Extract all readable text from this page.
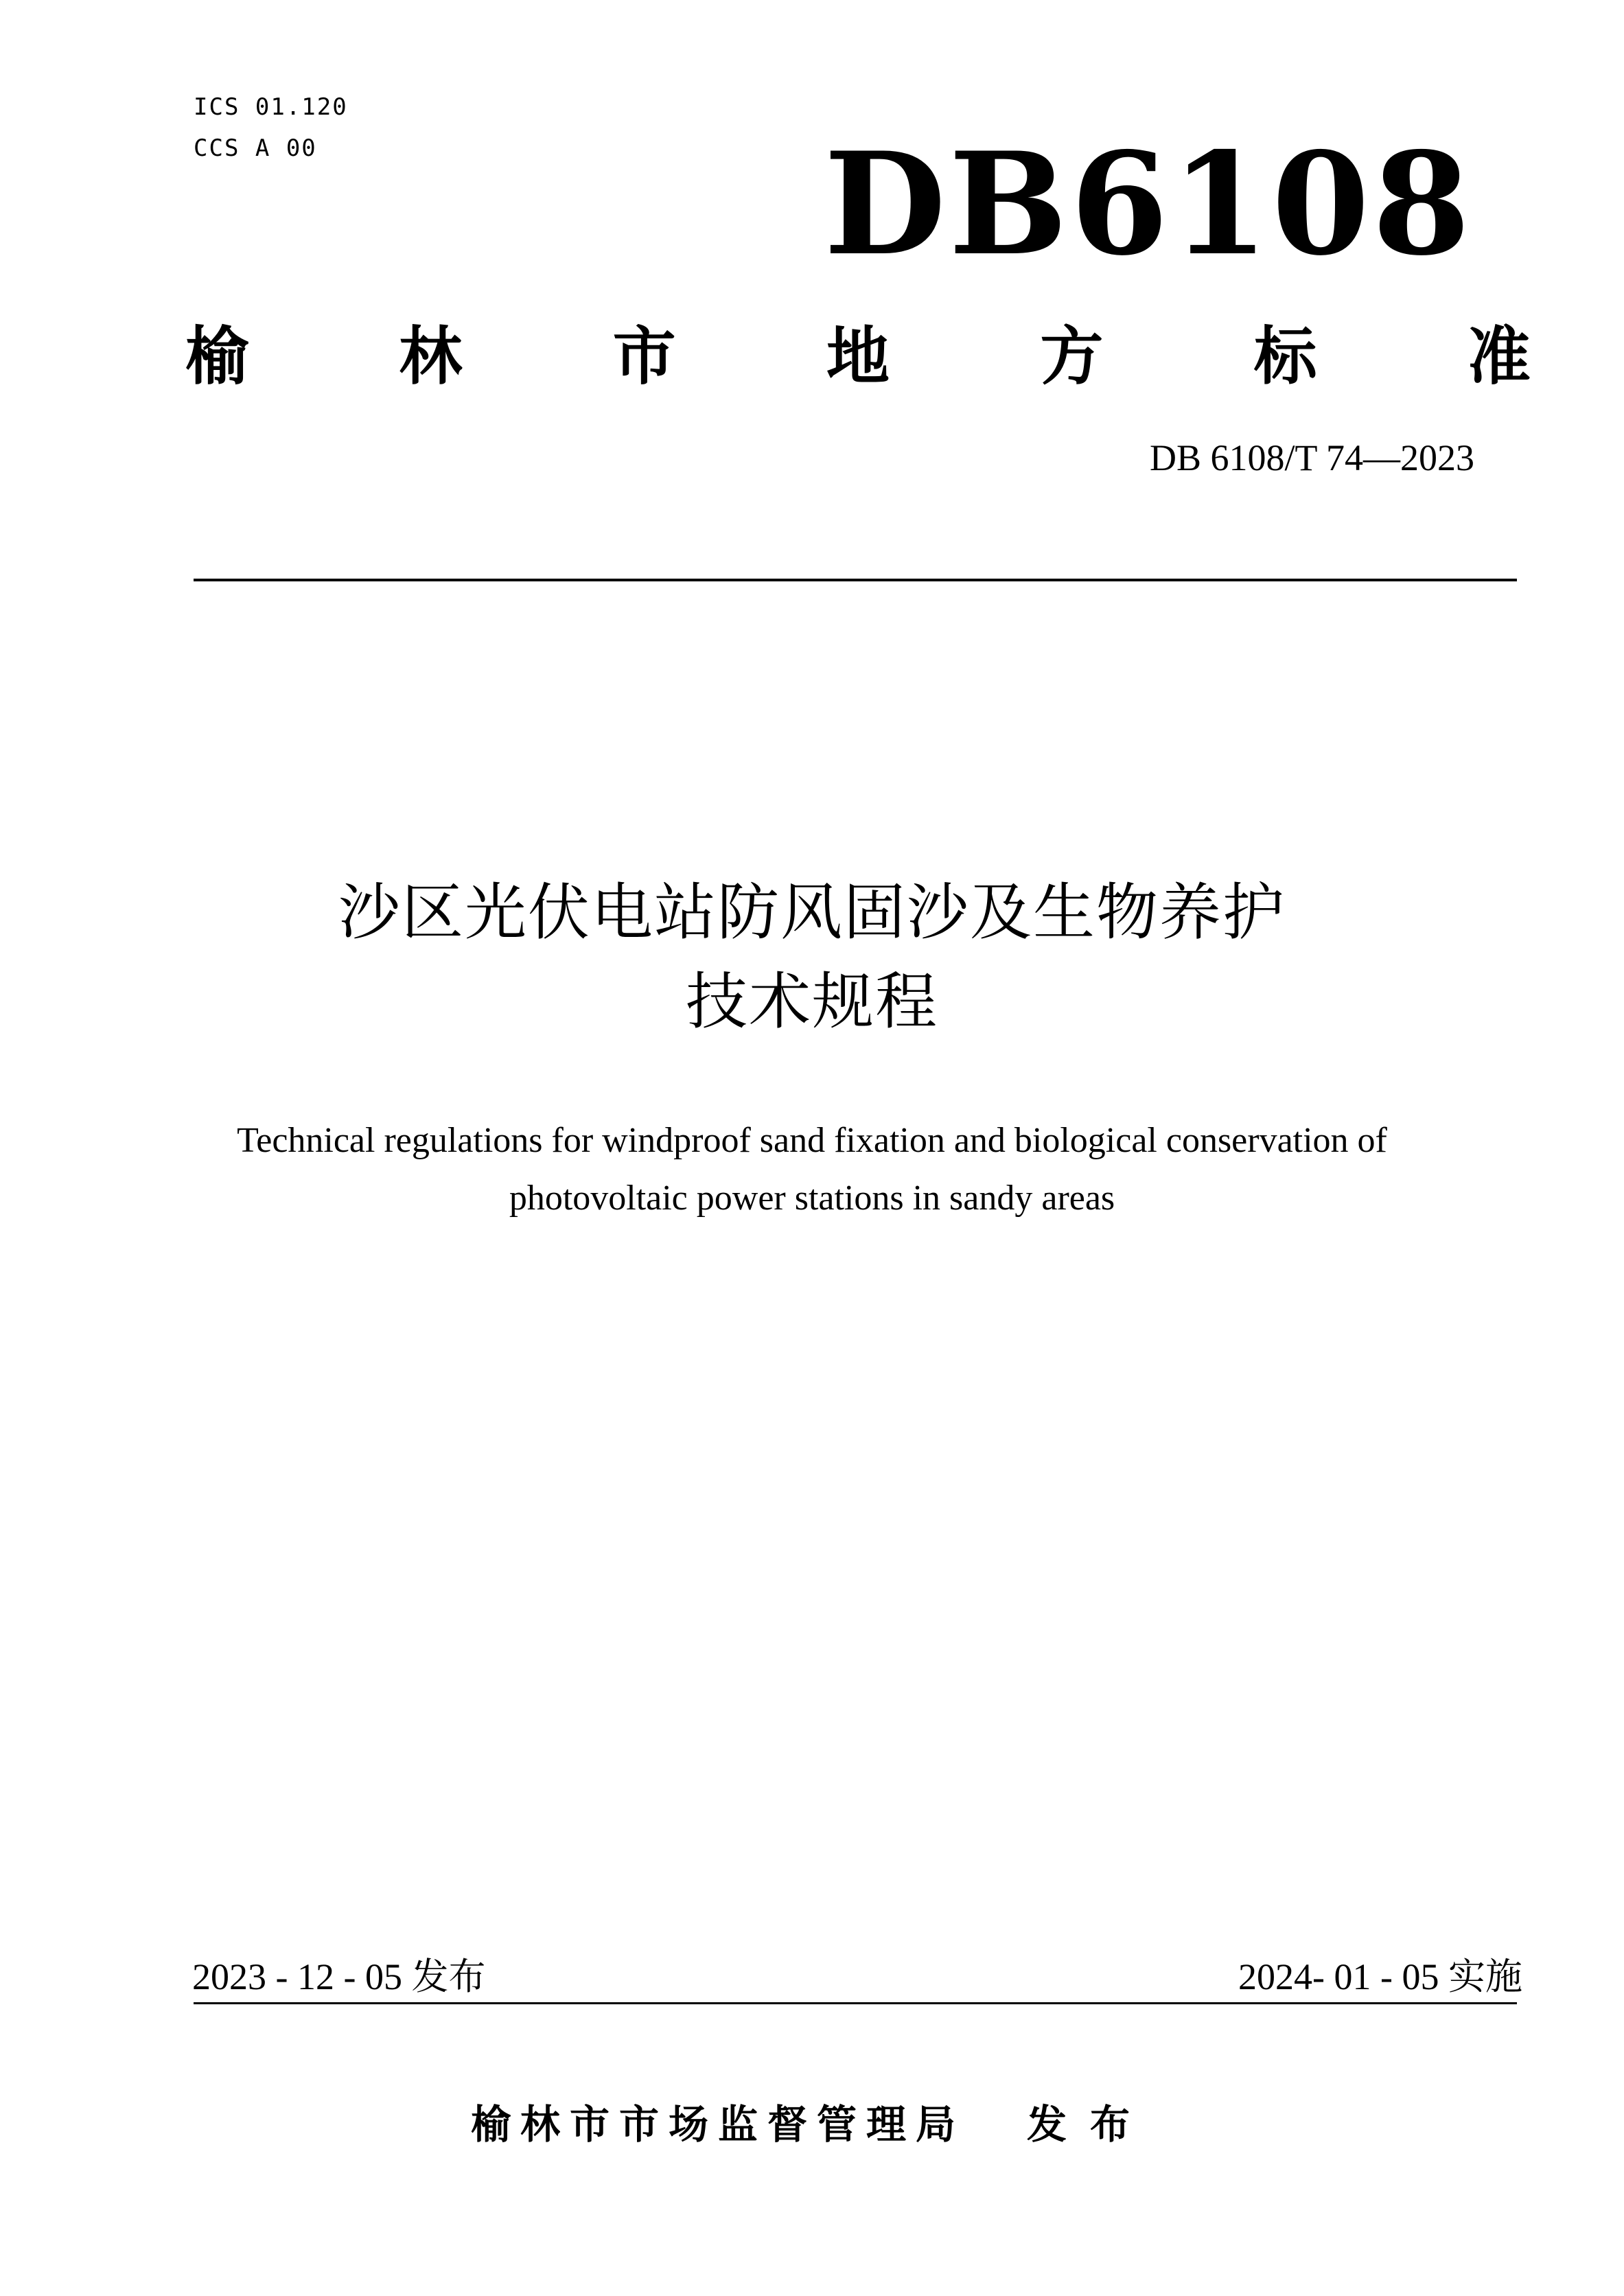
ICS 01.120
CCS A 00	DB6108
榆 林 市 地 方 标 准
DB 6108/T 74—2023
沙区光伏电站防风固沙及生物养护
技术规程
Technical regulations for windproof sand fixation and biological conservation of
photovoltaic power stations in sandy areas
2023 - 12 - 05 发布	2024- 01 - 05 实施
榆林市市场监督管理局 发布
